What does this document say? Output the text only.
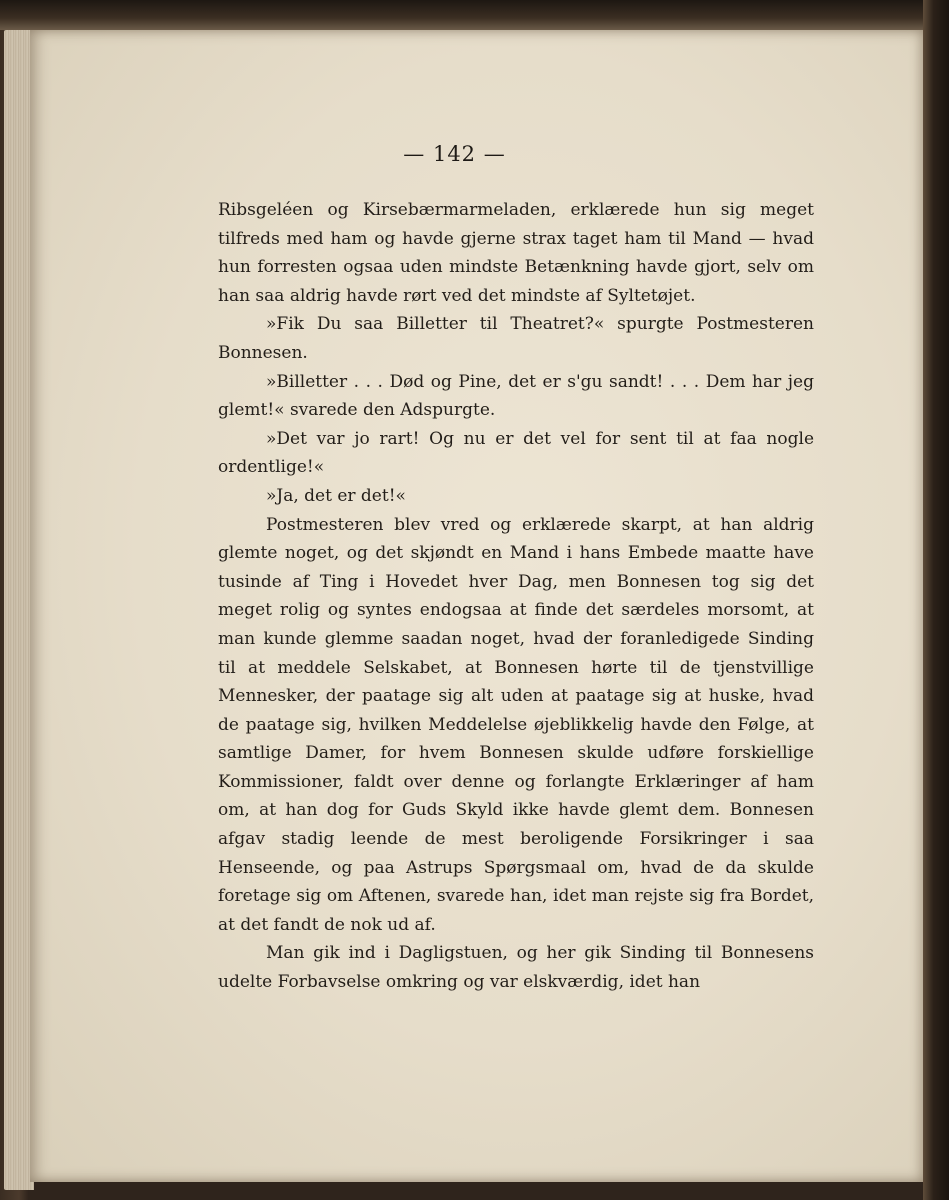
— 142 —

Ribsgeléen og Kirsebærmarmeladen, erklærede hun sig meget tilfreds med ham og havde gjerne strax taget ham til Mand — hvad hun forresten ogsaa uden mindste Betænkning havde gjort, selv om han saa aldrig havde rørt ved det mindste af Syltetøjet.

»Fik Du saa Billetter til Theatret?« spurgte Postmesteren Bonnesen.

»Billetter . . . Død og Pine, det er s'gu sandt! . . . Dem har jeg glemt!« svarede den Adspurgte.

»Det var jo rart! Og nu er det vel for sent til at faa nogle ordentlige!«

»Ja, det er det!«

Postmesteren blev vred og erklærede skarpt, at han aldrig glemte noget, og det skjøndt en Mand i hans Embede maatte have tusinde af Ting i Hovedet hver Dag, men Bonnesen tog sig det meget rolig og syntes endogsaa at finde det særdeles morsomt, at man kunde glemme saadan noget, hvad der foranledigede Sinding til at meddele Selskabet, at Bonnesen hørte til de tjenstvillige Mennesker, der paatage sig alt uden at paatage sig at huske, hvad de paatage sig, hvilken Meddelelse øjeblikkelig havde den Følge, at samtlige Damer, for hvem Bonnesen skulde udføre forskiellige Kommissioner, faldt over denne og forlangte Erklæringer af ham om, at han dog for Guds Skyld ikke havde glemt dem. Bonnesen afgav stadig leende de mest beroligende Forsikringer i saa Henseende, og paa Astrups Spørgsmaal om, hvad de da skulde foretage sig om Aftenen, svarede han, idet man rejste sig fra Bordet, at det fandt de nok ud af.

Man gik ind i Dagligstuen, og her gik Sinding til Bonnesens udelte Forbavselse omkring og var elskværdig, idet han
